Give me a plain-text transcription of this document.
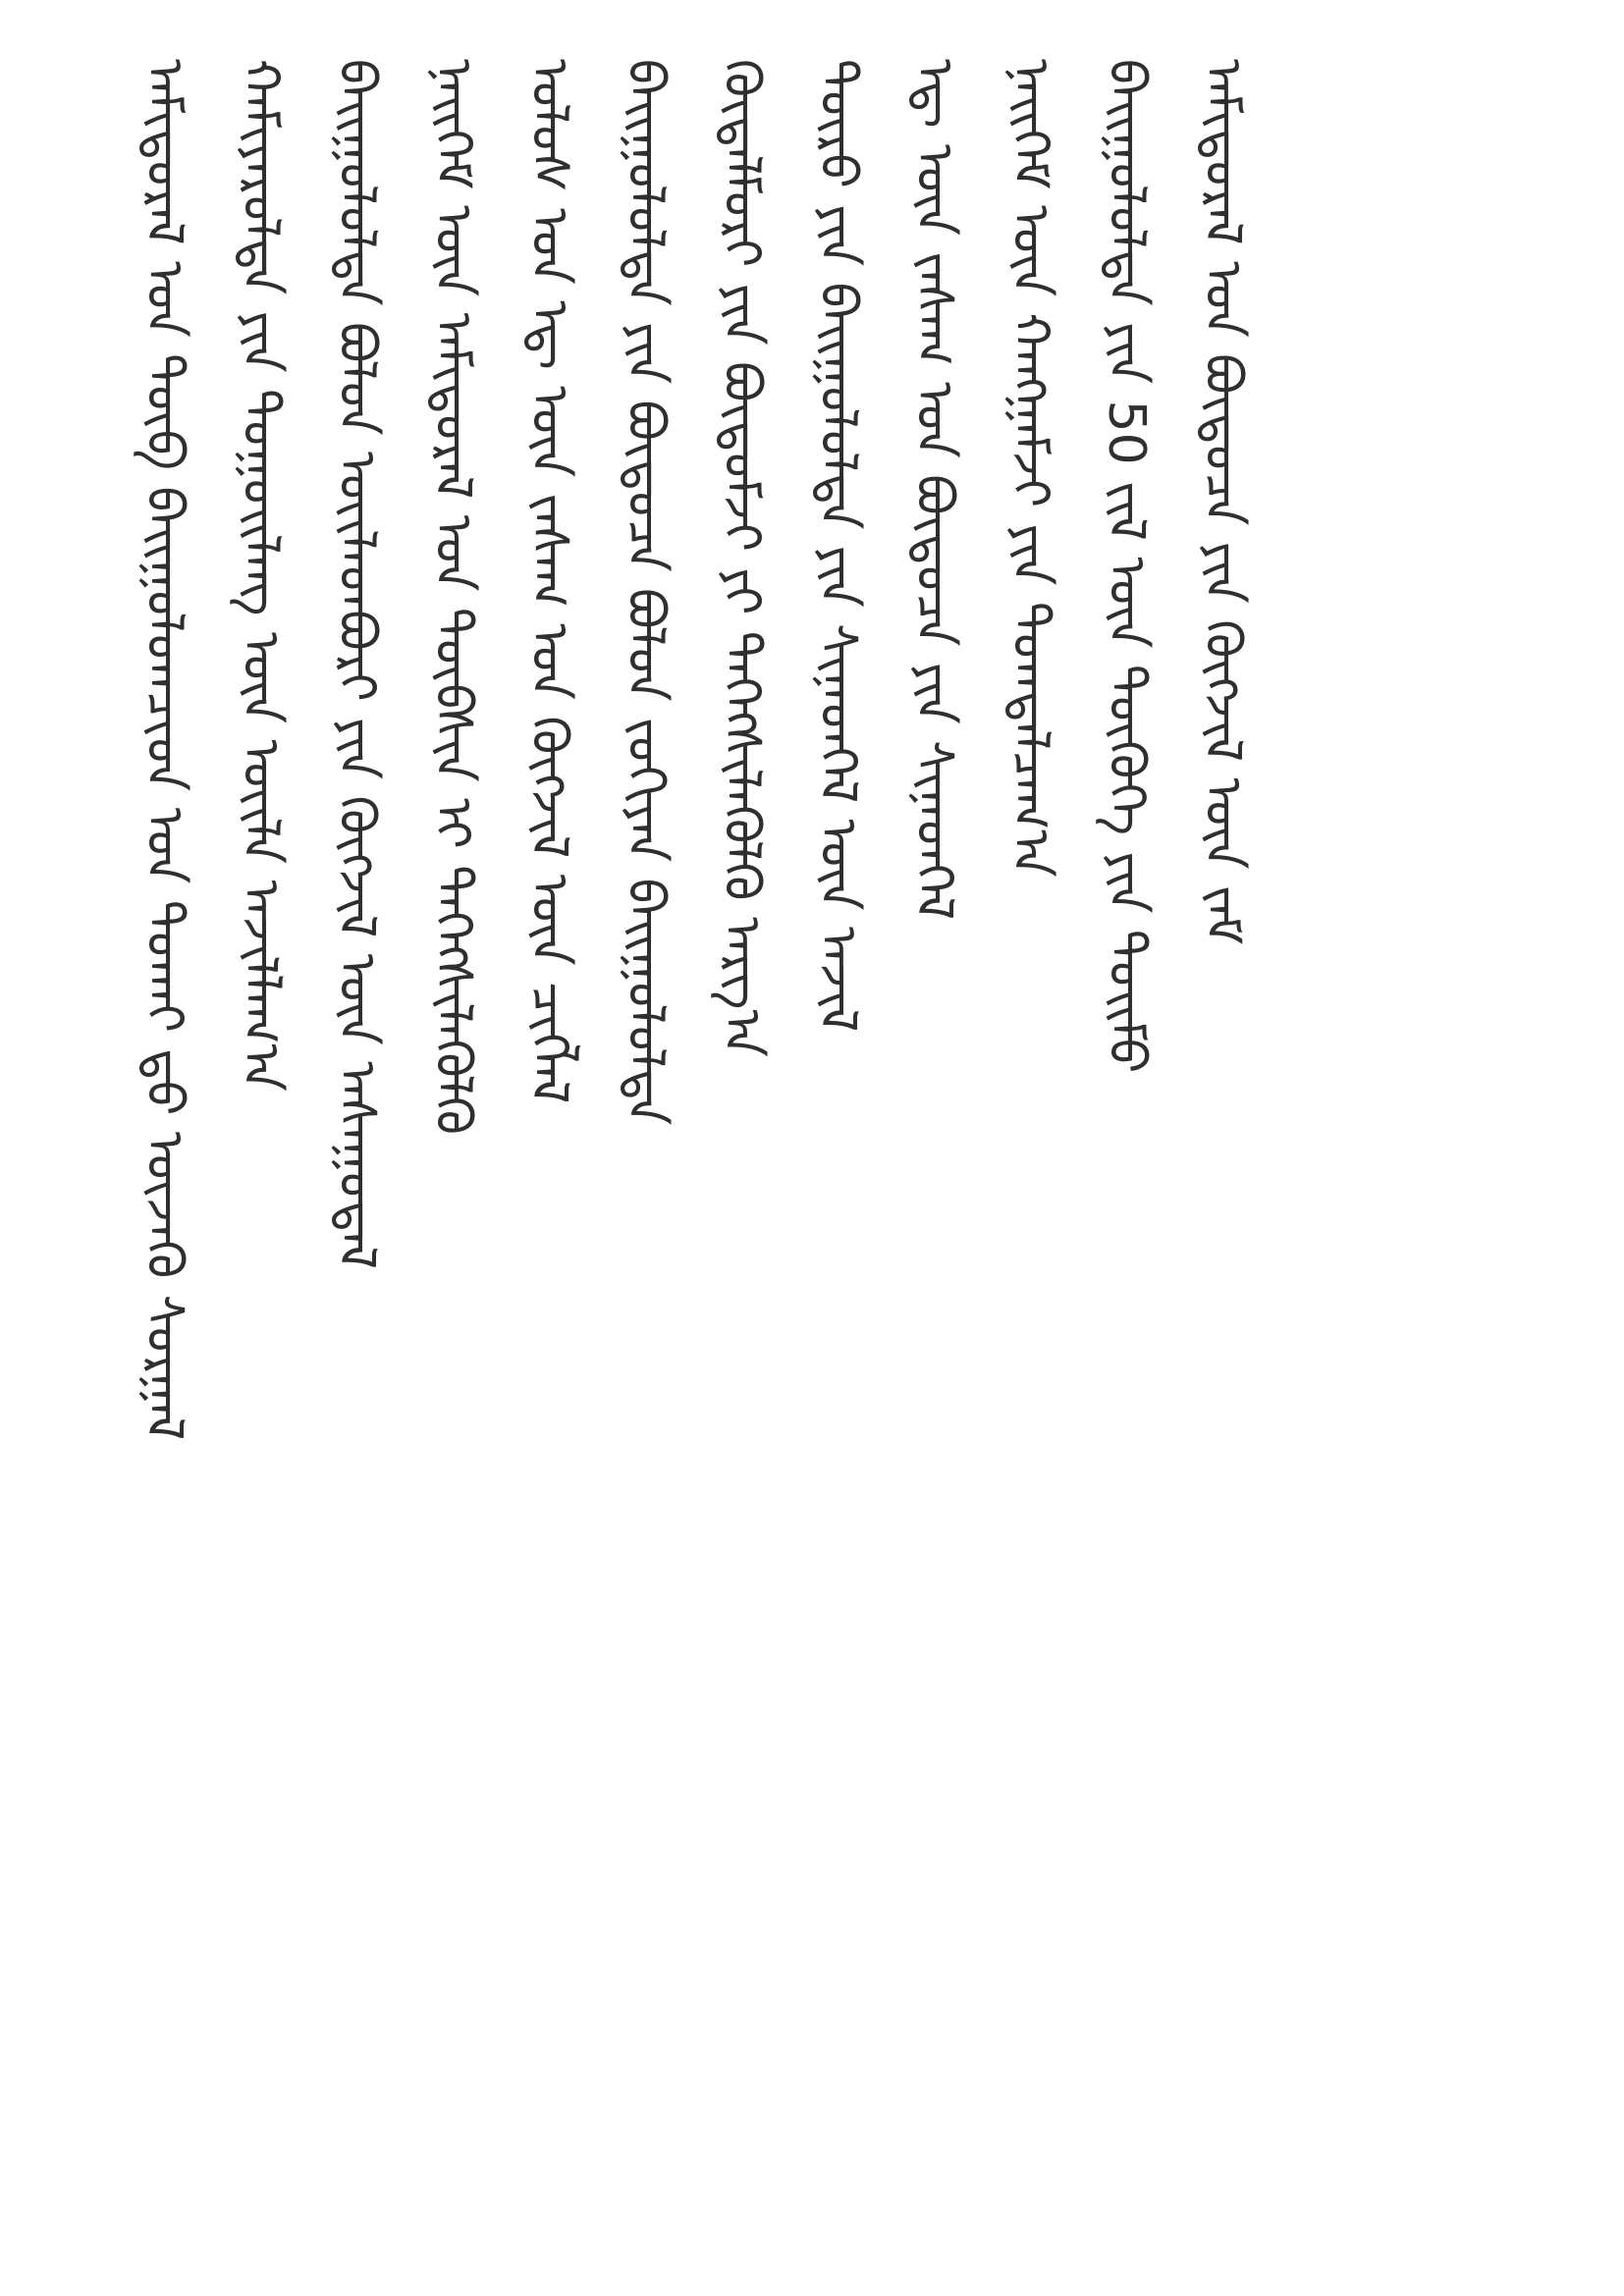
ᠠᠮᠢᠳᠤᠷᠠᠯ ᠤᠨ ᠲᠥᠪ ᠪᠠᠢᠭᠤᠯᠤᠭᠴᠢᠳ ᠤᠨ ᠲᠤᠬᠠᠢ ᠳ᠋ᠤ ᠦᠵᠡᠬᠦ ᠰᠤᠷᠭᠠᠯ ᠬᠠᠮᠢᠶᠠᠷᠤᠯᠲᠠ ᠶᠢᠨ ᠳᠤᠭᠤᠢᠯᠠᠩ ᠦᠨ ᠦᠢᠯᠡ ᠠᠵᠢᠯᠯᠠᠭ᠎ᠠ ᠪᠠᠢᠭᠤᠯᠤᠯᠲᠠ ᠪᠤᠯᠤᠨ ᠦᠢᠯᠡᠳᠪᠦᠷᠢ ᠶᠢᠨ ᠬᠥᠭᠵᠢᠯ ᠦᠨ ᠠᠰᠠᠭᠤᠳᠠᠯ ᠨᠡᠢᠭᠡᠮ ᠦᠨ ᠠᠮᠢᠳᠤᠷᠠᠯ ᠤᠨ ᠲᠦᠪᠰᠢᠨ ᠢ ᠳᠡᠭᠡᠭᠰᠢᠯᠡᠭᠦᠯᠬᠦ ᠤᠯᠤᠰ ᠤᠨ ᠡᠳ᠋ ᠦᠨ ᠵᠠᠰᠠᠭ ᠤᠨ ᠬᠥᠭᠵᠢᠯ ᠦᠨ ᠴᠢᠭᠯᠡᠯ ᠪᠠᠢᠭᠤᠯᠤᠯᠲᠠ ᠶᠢᠨ ᠪᠦᠲᠦᠴᠡ ᠪᠤᠯᠤᠨ ᠵᠤᠬᠢᠶᠠᠨ ᠪᠠᠢᠭᠤᠯᠤᠯᠲᠠ ᠬᠥᠳᠡᠯᠮᠦᠷᠢ ᠶᠢᠨ ᠪᠦᠲᠦᠮᠵᠢ ᠶᠢ ᠳᠡᠭᠡᠭᠰᠢᠯᠡᠭᠦᠯᠬᠦ ᠠᠷᠭ᠎ᠠ ᠲᠥᠷᠦ ᠶᠢᠨ ᠪᠠᠢᠭᠤᠯᠤᠯᠲᠠ ᠶᠢᠨ ᠰᠢᠨᠡᠳᠬᠡᠯ ᠦᠨ ᠠᠵᠢᠯ ᠡᠳ᠋ ᠦᠨ ᠵᠠᠰᠠᠭ ᠤᠨ ᠪᠦᠲᠦᠴᠡ ᠶᠢᠨ ᠰᠢᠨᠡᠳᠬᠡᠯ ᠨᠡᠢᠭᠡᠮ ᠦᠨ ᠬᠠᠩᠭᠠᠮᠵᠢ ᠶᠢᠨ ᠲᠣᠭᠲᠠᠯᠴᠠᠭ᠎ᠠ ᠪᠠᠢᠭᠤᠯᠤᠯᠲᠠ ᠶᠢᠨ 50 ᠵᠢᠯ ᠦᠨ ᠲᠦᠭᠦᠬᠡ ᠶᠢᠨ ᠲᠣᠢᠮᠣ ᠠᠮᠢᠳᠤᠷᠠᠯ ᠤᠨ ᠪᠦᠲᠦᠴᠡ ᠶᠢᠨ ᠬᠥᠭᠵᠢᠯ ᠦᠨ ᠵᠠᠮ
